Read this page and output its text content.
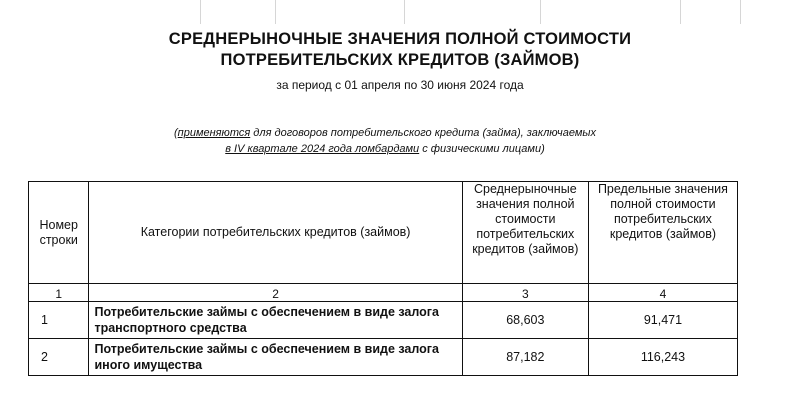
СРЕДНЕРЫНОЧНЫЕ ЗНАЧЕНИЯ ПОЛНОЙ СТОИМОСТИ
ПОТРЕБИТЕЛЬСКИХ КРЕДИТОВ (ЗАЙМОВ)
за период с 01 апреля по 30 июня 2024 года
(применяются для договоров потребительского кредита (займа), заключаемых
в IV квартале 2024 года ломбардами с физическими лицами)
Номер строки	Категории потребительских кредитов (займов)	Среднерыночные значения полной стоимости потребительских кредитов (займов)	Предельные значения полной стоимости потребительских кредитов (займов)
1	2	3	4
1	Потребительские займы с обеспечением в виде залога транспортного средства	68,603	91,471
2	Потребительские займы с обеспечением в виде залога иного имущества	87,182	116,243
